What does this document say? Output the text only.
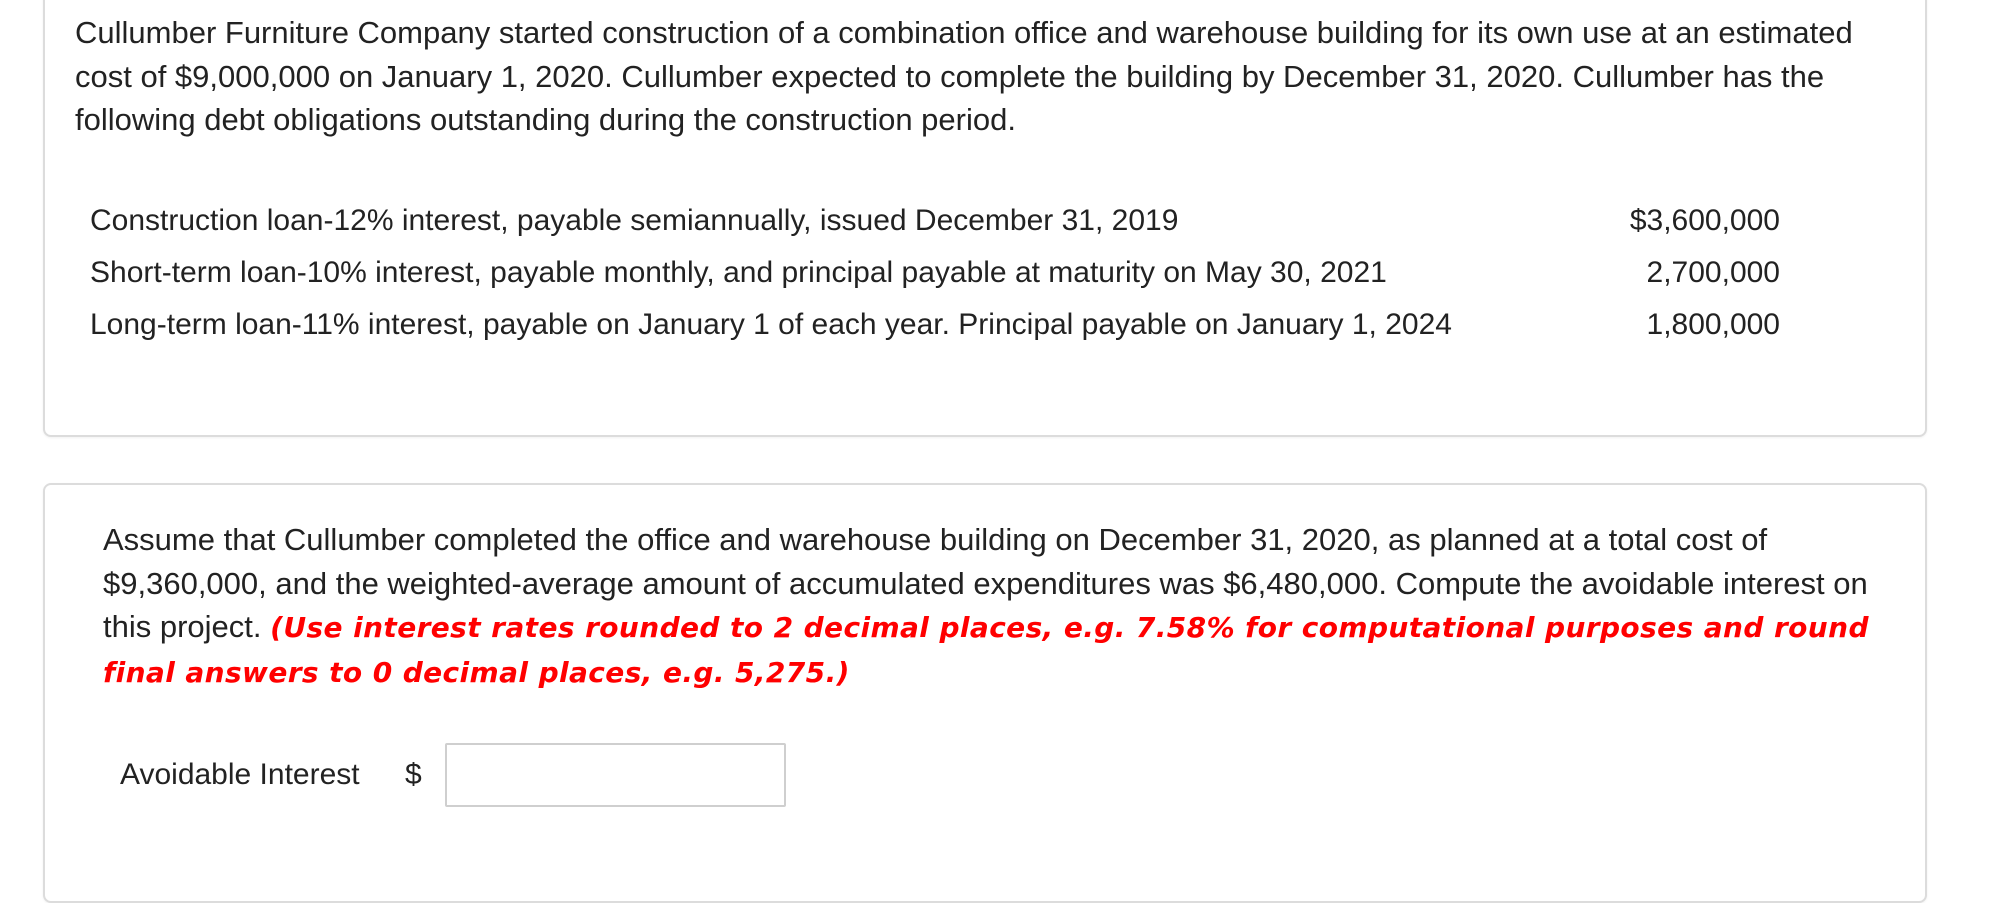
Cullumber Furniture Company started construction of a combination office and warehouse building for its own use at an estimated cost of $9,000,000 on January 1, 2020. Cullumber expected to complete the building by December 31, 2020. Cullumber has the following debt obligations outstanding during the construction period.

Construction loan-12% interest, payable semiannually, issued December 31, 2019	$3,600,000
Short-term loan-10% interest, payable monthly, and principal payable at maturity on May 30, 2021	2,700,000
Long-term loan-11% interest, payable on January 1 of each year. Principal payable on January 1, 2024	1,800,000

Assume that Cullumber completed the office and warehouse building on December 31, 2020, as planned at a total cost of $9,360,000, and the weighted-average amount of accumulated expenditures was $6,480,000. Compute the avoidable interest on this project. (Use interest rates rounded to 2 decimal places, e.g. 7.58% for computational purposes and round final answers to 0 decimal places, e.g. 5,275.)

Avoidable Interest	$
